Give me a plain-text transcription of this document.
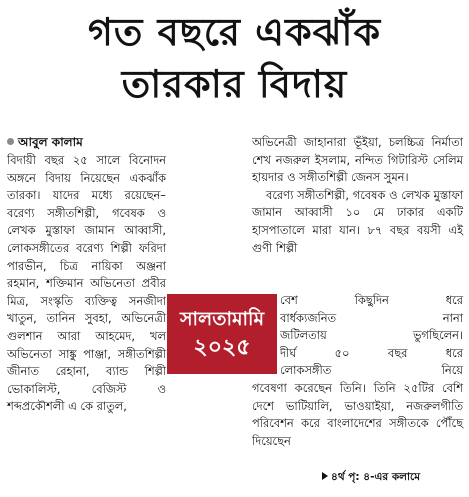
গত বছরে একঝাঁক
তারকার বিদায়
আবুল কালাম

বিদায়ী বছর ২৫ সালে বিনোদন অঙ্গনে বিদায় নিয়েছেন একঝাঁক তারকা। যাদের মধ্যে রয়েছেন– বরেণ্য সঙ্গীতশিল্পী, গবেষক ও লেখক মুস্তাফা জামান আব্বাসী, লোকসঙ্গীতের বরেণ্য শিল্পী ফরিদা পারভীন, চিত্র নায়িকা অঞ্জনা রহমান, শক্তিমান অভিনেতা প্রবীর মিত্র, সংস্কৃতি ব্যক্তিত্ব সনজীদা খাতুন, তানিন সুবহা, অভিনেত্রী গুলশান আরা আহমেদ, খল অভিনেতা সাঙ্কু পাঞ্জা, সঙ্গীতশিল্পী জীনাত রেহানা, ব্যান্ড শিল্পী ভোকালিস্ট, বেজিস্ট ও শব্দপ্রকৌশলী এ কে রাতুল,

অভিনেত্রী জাহানারা ভূঁইয়া, চলচ্চিত্র নির্মাতা শেখ নজরুল ইসলাম, নন্দিত গিটারিস্ট সেলিম হায়দার ও সঙ্গীতশিল্পী জেনস সুমন।

বরেণ্য সঙ্গীতশিল্পী, গবেষক ও লেখক মুস্তাফা জামান আব্বাসী ১০ মে ঢাকার একটি হাসপাতালে মারা যান। ৮৭ বছর বয়সী এই গুণী শিল্পী

বেশ কিছুদিন ধরে

বার্ধক্যজনিত নানা

জটিলতায় ভুগছিলেন।

দীর্ঘ ৫০ বছর ধরে

লোকসঙ্গীত নিয়ে

গবেষণা করেছেন তিনি। তিনি ২৫টির বেশি দেশে ভাটিয়ালি, ভাওয়াইয়া, নজরুলগীতি পরিবেশন করে বাংলাদেশের সঙ্গীতকে পৌঁছে দিয়েছেন

সালতামামি
২০২৫
৪র্থ পৃ: ৪-এর কলামে
